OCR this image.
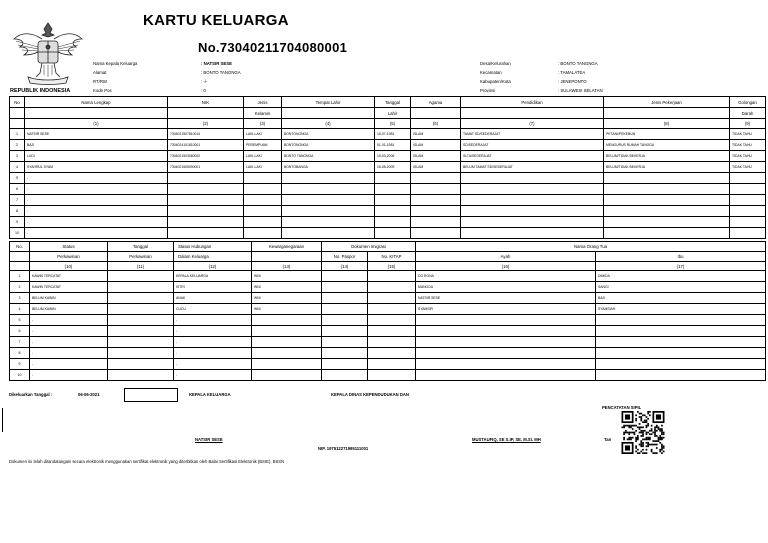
REPUBLIK INDONESIA
KARTU KELUARGA
No.7304021170408000​1
Nama Kepala Keluarga	: NATSIR SESE
Alamat	: BONTO TANGNGA
RT/RW	: -/-
Kode Pos	: 0
Desa/Kelurahan	: BONTO TANGNGA
Kecamatan	: TAMALATEA
Kabupaten/Kota	: JENEPONTO
Provinsi	: SULAWESI SELATAN
No	Nama Lengkap	NIK	Jenis	Tempat Lahir	Tanggal	Agama	Pendidikan	Jenis Pekerjaan	Golongan
			Kelamin		Lahir				Darah
	(1)	(2)	(3)	(4)	(5)	(6)	(7)	(8)	(9)
1	NATSIR SESE	7304021507810014	LAKI-LAKI	BONTONGNGA	15-07-1981	ISLAM	TAMAT SD/SEDERAJAT	PETANI/PEKEBUN	TIDAK TAHU
2	BAJI	7304024101810001	PEREMPUAN	BONTONGNGA	01-01-1981	ISLAM	SD/SEDERAJAT	MENGURUS RUMAH TANGGA	TIDAK TAHU
3	LUDI	7304021503060002	LAKI-LAKI	BONTO TANGNGA	15-03-2006	ISLAM	SLTA/SEDERAJAT	BELUM/TIDAK BEKERJA	TIDAK TAHU
4	SYAHRUL SYAM	7304021505090001	LAKI-LAKI	BONTOBANGA	15-05-2009	ISLAM	BELUM TAMAT SD/SEDERAJAT	BELUM/TIDAK BEKERJA	TIDAK TAHU
5	-								
6	-								
7	-								
8	-								
9	-								
10	-								
No.	Status	Tanggal	Status Hubungan	Kewarganegaraan	Dokumen Imigrasi		Nama Orang Tua	
	Perkawinan	Perkawinan	Dalam Keluarga		No. Paspor	No. KITAP	Ayah	Ibu
	(10)	(11)	(12)	(13)	(14)	(15)	(16)	(17)
1	KAWIN TERCATAT		KEPALA KELUARGA	WNI			DG RONA	DIMIDA
2	KAWIN TERCATAT		ISTRI	WNI			MANGGA	SANGI
3	BELUM KAWIN		ANAK	WNI			NATSIR SESE	BAJI
4	BELUM KAWIN		CUCU	WNI			SYAMSIR	SYAMSIAH
5	-		-					
6	-		-					
7	-		-					
8	-		-					
9	-		-					
10	-		-					
Dikeluarkan Tanggal :	06-06-2021	KEPALA KELUARGA	KEPALA DINAS KEPENDUDUKAN DAN
PENCATATAN SIPIL
NATSIR SESE	MUSTAUFIQ, SE S.IP, SE. M.SI. MH	Tan
NIP. 197512271995111001
Dokumen ini telah ditandatangani secara elektronik menggunakan sertifikat elektronik yang diterbitkan oleh Balai Sertifikasi Elektronik (BSrE), BSSN
